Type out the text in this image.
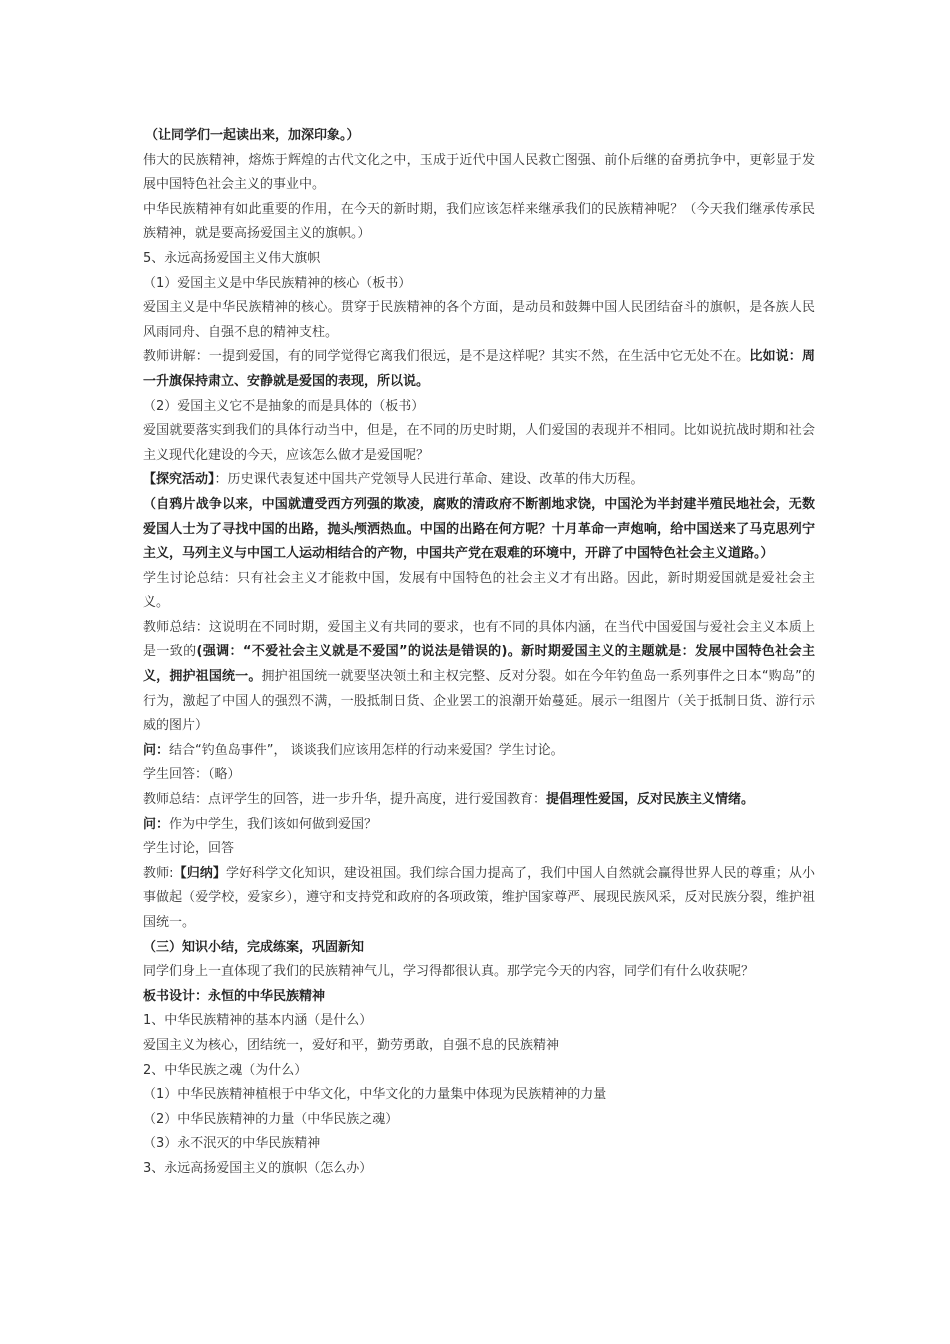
（让同学们一起读出来，加深印象。）

伟大的民族精神，熔炼于辉煌的古代文化之中，玉成于近代中国人民救亡图强、前仆后继的奋勇抗争中，更彰显于发展中国特色社会主义的事业中。

中华民族精神有如此重要的作用，在今天的新时期，我们应该怎样来继承我们的民族精神呢？（今天我们继承传承民族精神，就是要高扬爱国主义的旗帜。）

5、永远高扬爱国主义伟大旗帜

（1）爱国主义是中华民族精神的核心（板书）

爱国主义是中华民族精神的核心。贯穿于民族精神的各个方面，是动员和鼓舞中国人民团结奋斗的旗帜，是各族人民风雨同舟、自强不息的精神支柱。

教师讲解：一提到爱国，有的同学觉得它离我们很远，是不是这样呢？其实不然，在生活中它无处不在。比如说：周一升旗保持肃立、安静就是爱国的表现，所以说。

（2）爱国主义它不是抽象的而是具体的（板书）

爱国就要落实到我们的具体行动当中，但是，在不同的历史时期，人们爱国的表现并不相同。比如说抗战时期和社会主义现代化建设的今天，应该怎么做才是爱国呢？

【探究活动】：历史课代表复述中国共产党领导人民进行革命、建设、改革的伟大历程。

（自鸦片战争以来，中国就遭受西方列强的欺凌，腐败的清政府不断割地求饶，中国沦为半封建半殖民地社会，无数爱国人士为了寻找中国的出路，抛头颅洒热血。中国的出路在何方呢？十月革命一声炮响，给中国送来了马克思列宁主义，马列主义与中国工人运动相结合的产物，中国共产党在艰难的环境中，开辟了中国特色社会主义道路。）

学生讨论总结：只有社会主义才能救中国，发展有中国特色的社会主义才有出路。因此，新时期爱国就是爱社会主义。

教师总结：这说明在不同时期，爱国主义有共同的要求，也有不同的具体内涵，在当代中国爱国与爱社会主义本质上是一致的(强调：“不爱社会主义就是不爱国”的说法是错误的)。新时期爱国主义的主题就是：发展中国特色社会主义，拥护祖国统一。拥护祖国统一就要坚决领土和主权完整、反对分裂。如在今年钓鱼岛一系列事件之日本“购岛”的行为，激起了中国人的强烈不满，一股抵制日货、企业罢工的浪潮开始蔓延。展示一组图片（关于抵制日货、游行示威的图片）

问：结合“钓鱼岛事件”， 谈谈我们应该用怎样的行动来爱国？学生讨论。

学生回答：（略）

教师总结：点评学生的回答，进一步升华，提升高度，进行爱国教育：提倡理性爱国，反对民族主义情绪。

问：作为中学生，我们该如何做到爱国？

学生讨论，回答

教师:【归纳】学好科学文化知识，建设祖国。我们综合国力提高了，我们中国人自然就会赢得世界人民的尊重；从小事做起（爱学校，爱家乡），遵守和支持党和政府的各项政策，维护国家尊严、展现民族风采，反对民族分裂，维护祖国统一。

（三）知识小结，完成练案，巩固新知

同学们身上一直体现了我们的民族精神气儿，学习得都很认真。那学完今天的内容，同学们有什么收获呢？

板书设计：永恒的中华民族精神

1、中华民族精神的基本内涵（是什么）

爱国主义为核心，团结统一，爱好和平，勤劳勇敢，自强不息的民族精神

2、中华民族之魂（为什么）

（1）中华民族精神植根于中华文化，中华文化的力量集中体现为民族精神的力量

（2）中华民族精神的力量（中华民族之魂）

（3）永不泯灭的中华民族精神

3、永远高扬爱国主义的旗帜（怎么办）
